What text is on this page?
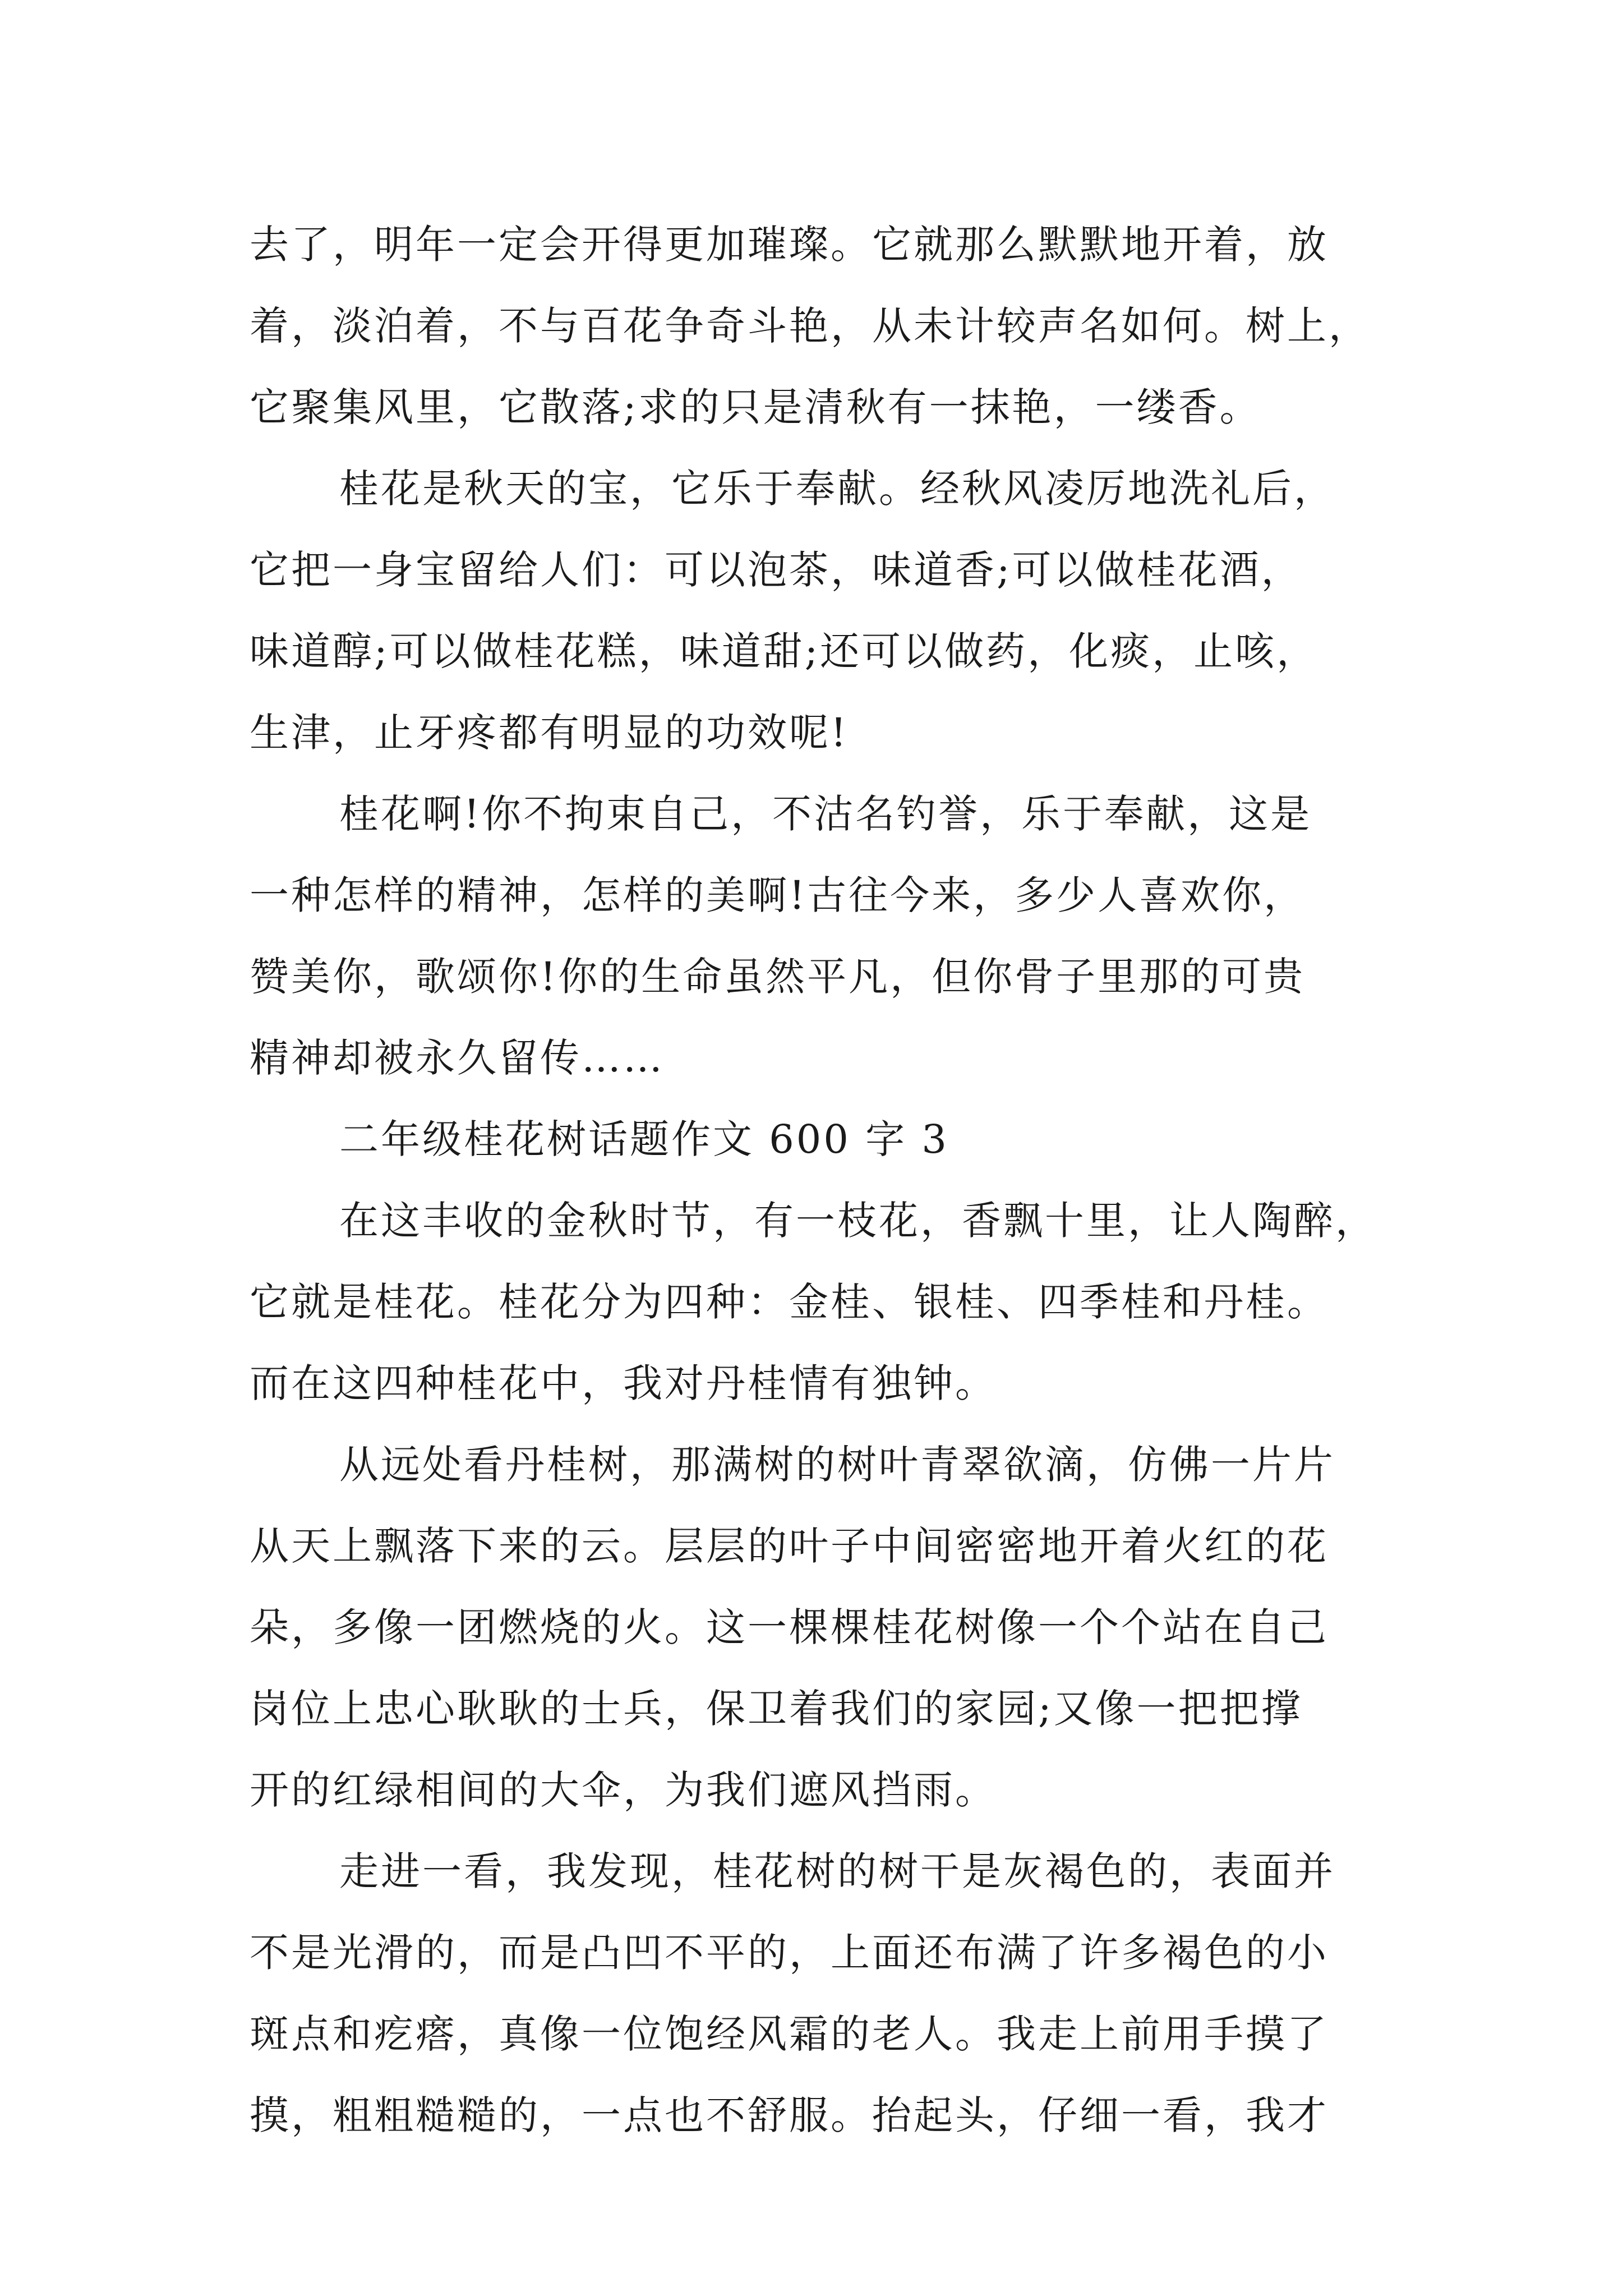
去了，明年一定会开得更加璀璨。它就那么默默地开着，放
着，淡泊着，不与百花争奇斗艳，从未计较声名如何。树上，
它聚集风里，它散落;求的只是清秋有一抹艳，一缕香。
桂花是秋天的宝，它乐于奉献。经秋风凌厉地洗礼后，
它把一身宝留给人们：可以泡茶，味道香;可以做桂花酒，
味道醇;可以做桂花糕，味道甜;还可以做药，化痰，止咳，
生津，止牙疼都有明显的功效呢!
桂花啊!你不拘束自己，不沽名钓誉，乐于奉献，这是
一种怎样的精神，怎样的美啊!古往今来，多少人喜欢你，
赞美你，歌颂你!你的生命虽然平凡，但你骨子里那的可贵
精神却被永久留传……
二年级桂花树话题作文 600 字 3
在这丰收的金秋时节，有一枝花，香飘十里，让人陶醉，
它就是桂花。桂花分为四种：金桂、银桂、四季桂和丹桂。
而在这四种桂花中，我对丹桂情有独钟。
从远处看丹桂树，那满树的树叶青翠欲滴，仿佛一片片
从天上飘落下来的云。层层的叶子中间密密地开着火红的花
朵，多像一团燃烧的火。这一棵棵桂花树像一个个站在自己
岗位上忠心耿耿的士兵，保卫着我们的家园;又像一把把撑
开的红绿相间的大伞，为我们遮风挡雨。
走进一看，我发现，桂花树的树干是灰褐色的，表面并
不是光滑的，而是凸凹不平的，上面还布满了许多褐色的小
斑点和疙瘩，真像一位饱经风霜的老人。我走上前用手摸了
摸，粗粗糙糙的，一点也不舒服。抬起头，仔细一看，我才
